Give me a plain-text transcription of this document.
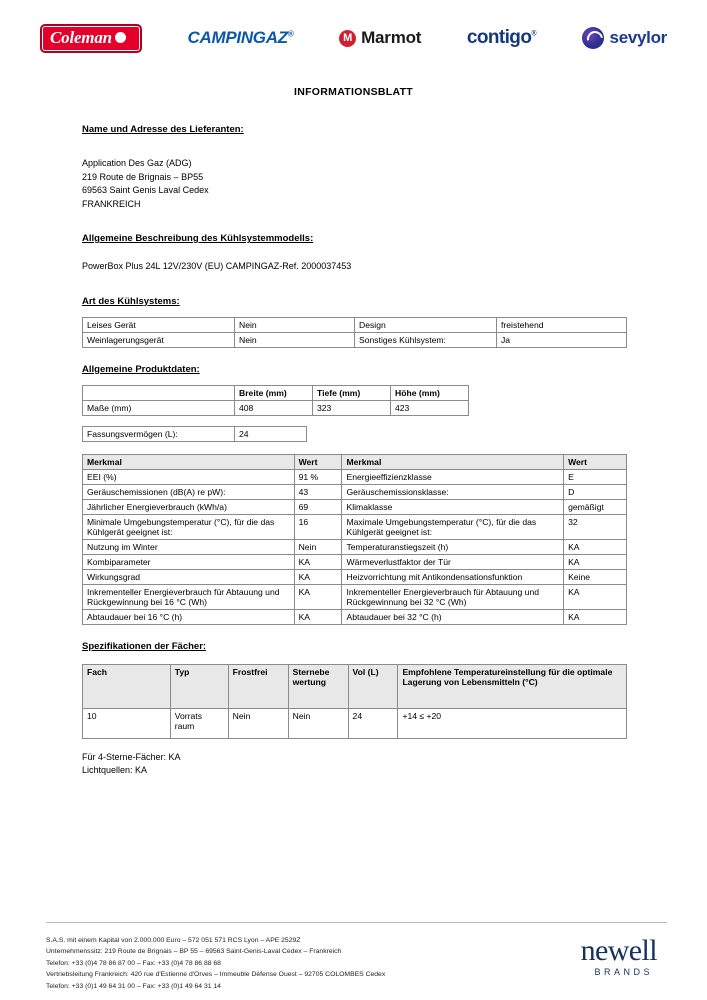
Coleman	CAMPINGAZ® M	Marmot contigo®	sevylor
INFORMATIONSBLATT
Name und Adresse des Lieferanten:
Application Des Gaz (ADG)
219 Route de Brignais – BP55
69563 Saint Genis Laval Cedex
FRANKREICH
Allgemeine Beschreibung des Kühlsystemmodells:
PowerBox Plus 24L 12V/230V (EU) CAMPINGAZ-Ref. 2000037453
Art des Kühlsystems:
Leises Gerät	Nein	Design	freistehend
Weinlagerungsgerät	Nein	Sonstiges Kühlsystem:	Ja
Allgemeine Produktdaten:
	Breite (mm)	Tiefe (mm)	Höhe (mm)
Maße (mm)	408	323	423
Fassungsvermögen (L):	24
Merkmal	Wert	Merkmal	Wert
EEI (%)	91 %	Energieeffizienzklasse	E
Geräuschemissionen (dB(A) re pW):	43	Geräuschemissionsklasse:	D
Jährlicher Energieverbrauch (kWh/a)	69	Klimaklasse	gemäßigt
Minimale Umgebungstemperatur (°C), für die das Kühlgerät geeignet ist:	16	Maximale Umgebungstemperatur (°C), für die das Kühlgerät geeignet ist:	32
Nutzung im Winter	Nein	Temperaturanstiegszeit (h)	KA
Kombiparameter	KA	Wärmeverlustfaktor der Tür	KA
Wirkungsgrad	KA	Heizvorrichtung mit Antikondensationsfunktion	Keine
Inkrementeller Energieverbrauch für Abtauung und Rückgewinnung bei 16 °C (Wh)	KA	Inkrementeller Energieverbrauch für Abtauung und Rückgewinnung bei 32 °C (Wh)	KA
Abtaudauer bei 16 °C (h)	KA	Abtaudauer bei 32 °C (h)	KA
Spezifikationen der Fächer:
Fach	Typ	Frostfrei	Sternebe wertung	Vol (L)	Empfohlene Temperatureinstellung für die optimale Lagerung von Lebensmitteln (°C)
10	Vorrats raum	Nein	Nein	24	+14 ≤ +20
Für 4-Sterne-Fächer: KA
Lichtquellen: KA
S.A.S. mit einem Kapital von 2.000.000 Euro – 572 051 571 RCS Lyon – APE 2529Z
Unternehmenssitz: 219 Route de Brignais – BP 55 – 69563 Saint-Genis-Laval Cedex – Frankreich
Telefon: +33 (0)4 78 86 87 00 – Fax: +33 (0)4 78 86 88 68
Vertriebsleitung Frankreich: 420 rue d'Estienne d'Orves – Immeuble Défense Ouest – 92705 COLOMBES Cedex
Telefon: +33 (0)1 49 64 31 00 – Fax: +33 (0)1 49 64 31 14
newell
BRANDS
